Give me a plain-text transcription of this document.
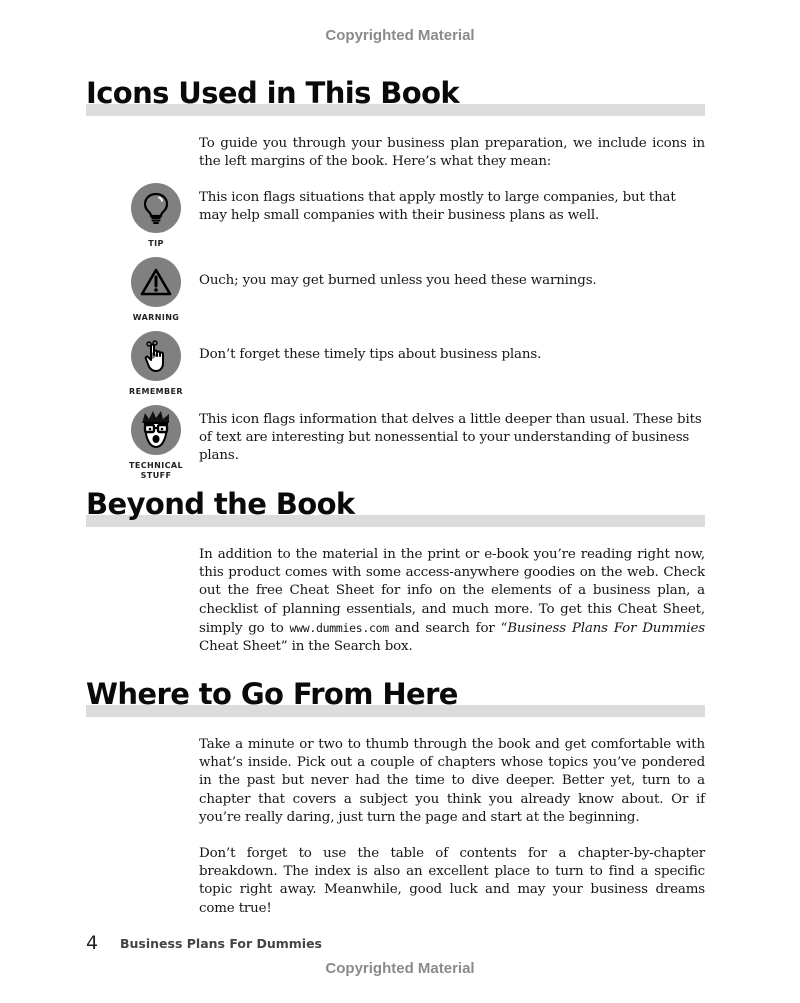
Copyrighted Material
Icons Used in This Book
To guide you through your business plan preparation, we include icons in the left margins of the book. Here’s what they mean:
TIP
This icon flags situations that apply mostly to large companies, but that may help small companies with their business plans as well.
WARNING
Ouch; you may get burned unless you heed these warnings.
REMEMBER
Don’t forget these timely tips about business plans.
TECHNICAL
STUFF
This icon flags information that delves a little deeper than usual. These bits of text are interesting but nonessential to your understanding of business plans.
Beyond the Book
In addition to the material in the print or e-book you’re reading right now, this product comes with some access-anywhere goodies on the web. Check out the free Cheat Sheet for info on the elements of a business plan, a checklist of planning essentials, and much more. To get this Cheat Sheet, simply go to www.dummies.com and search for “Business Plans For Dummies Cheat Sheet” in the Search box.
Where to Go From Here
Take a minute or two to thumb through the book and get comfortable with what’s inside. Pick out a couple of chapters whose topics you’ve pondered in the past but never had the time to dive deeper. Better yet, turn to a chapter that covers a subject you think you already know about. Or if you’re really daring, just turn the page and start at the beginning.
Don’t forget to use the table of contents for a chapter-by-chapter breakdown. The index is also an excellent place to turn to find a specific topic right away. Meanwhile, good luck and may your business dreams come true!
4 Business Plans For Dummies
Copyrighted Material
